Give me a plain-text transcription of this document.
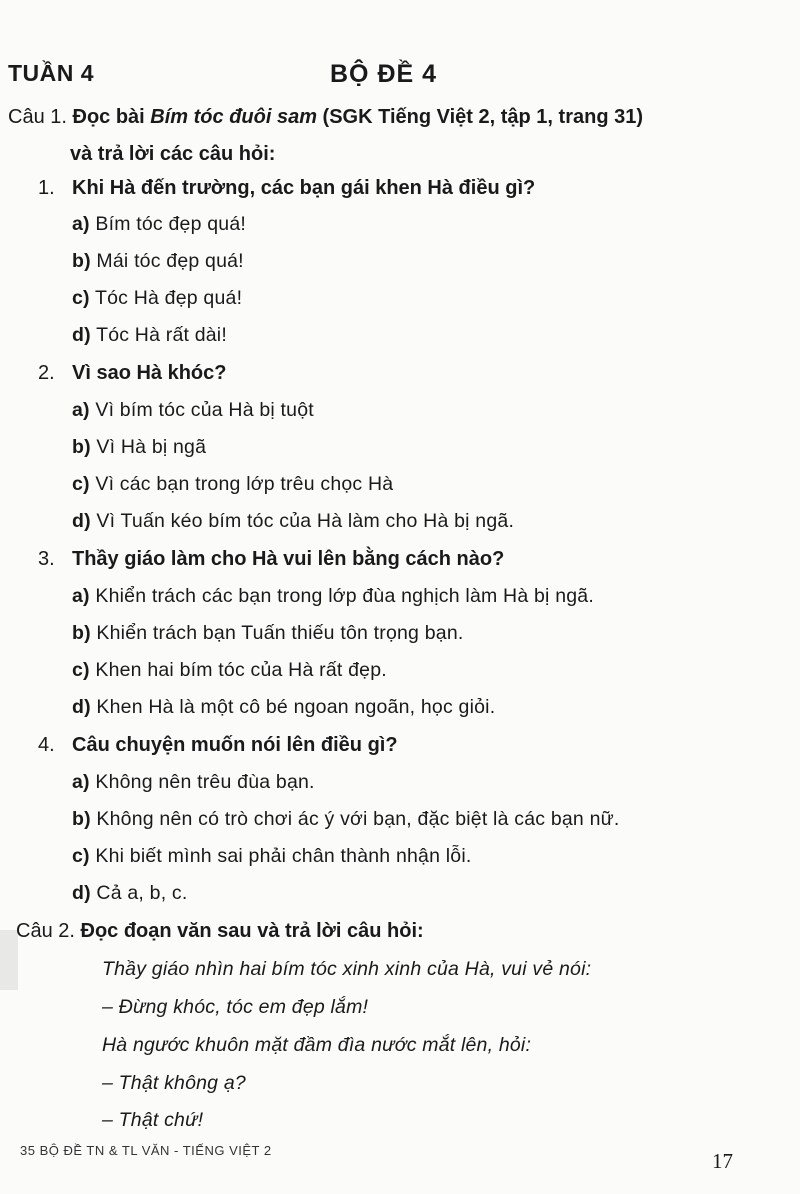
TUẦN 4	BỘ ĐỀ 4
Câu 1. Đọc bài Bím tóc đuôi sam (SGK Tiếng Việt 2, tập 1, trang 31)
và trả lời các câu hỏi:
1. Khi Hà đến trường, các bạn gái khen Hà điều gì?
a) Bím tóc đẹp quá!
b) Mái tóc đẹp quá!
c) Tóc Hà đẹp quá!
d) Tóc Hà rất dài!
2. Vì sao Hà khóc?
a) Vì bím tóc của Hà bị tuột
b) Vì Hà bị ngã
c) Vì các bạn trong lớp trêu chọc Hà
d) Vì Tuấn kéo bím tóc của Hà làm cho Hà bị ngã.
3. Thầy giáo làm cho Hà vui lên bằng cách nào?
a) Khiển trách các bạn trong lớp đùa nghịch làm Hà bị ngã.
b) Khiển trách bạn Tuấn thiếu tôn trọng bạn.
c) Khen hai bím tóc của Hà rất đẹp.
d) Khen Hà là một cô bé ngoan ngoãn, học giỏi.
4. Câu chuyện muốn nói lên điều gì?
a) Không nên trêu đùa bạn.
b) Không nên có trò chơi ác ý với bạn, đặc biệt là các bạn nữ.
c) Khi biết mình sai phải chân thành nhận lỗi.
d) Cả a, b, c.
Câu 2. Đọc đoạn văn sau và trả lời câu hỏi:
Thầy giáo nhìn hai bím tóc xinh xinh của Hà, vui vẻ nói:
– Đừng khóc, tóc em đẹp lắm!
Hà ngước khuôn mặt đầm đìa nước mắt lên, hỏi:
– Thật không ạ?
– Thật chứ!
35 BỘ ĐỀ TN & TL VĂN - TIẾNG VIỆT 2	17
